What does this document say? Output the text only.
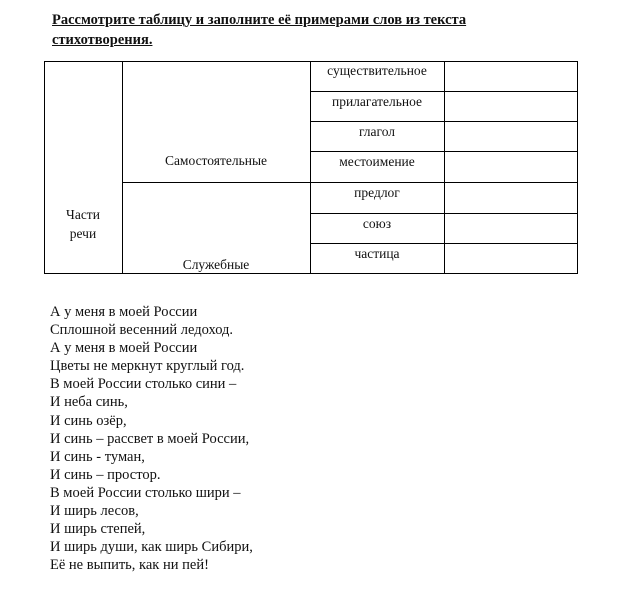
Рассмотрите таблицу и заполните её примерами слов из текста
стихотворения.

Части
речи
Самостоятельные
Служебные
существительное
прилагательное
глагол
местоимение
предлог
союз
частица
А у меня в моей России
Сплошной весенний ледоход.
А у меня в моей России
Цветы не меркнут круглый год.
В моей России столько сини –
И неба синь,
И синь озёр,
И синь – рассвет в моей России,
И синь - туман,
И синь – простор.
В моей России столько шири –
И ширь лесов,
И ширь степей,
И ширь души, как ширь Сибири,
Её не выпить, как ни пей!
